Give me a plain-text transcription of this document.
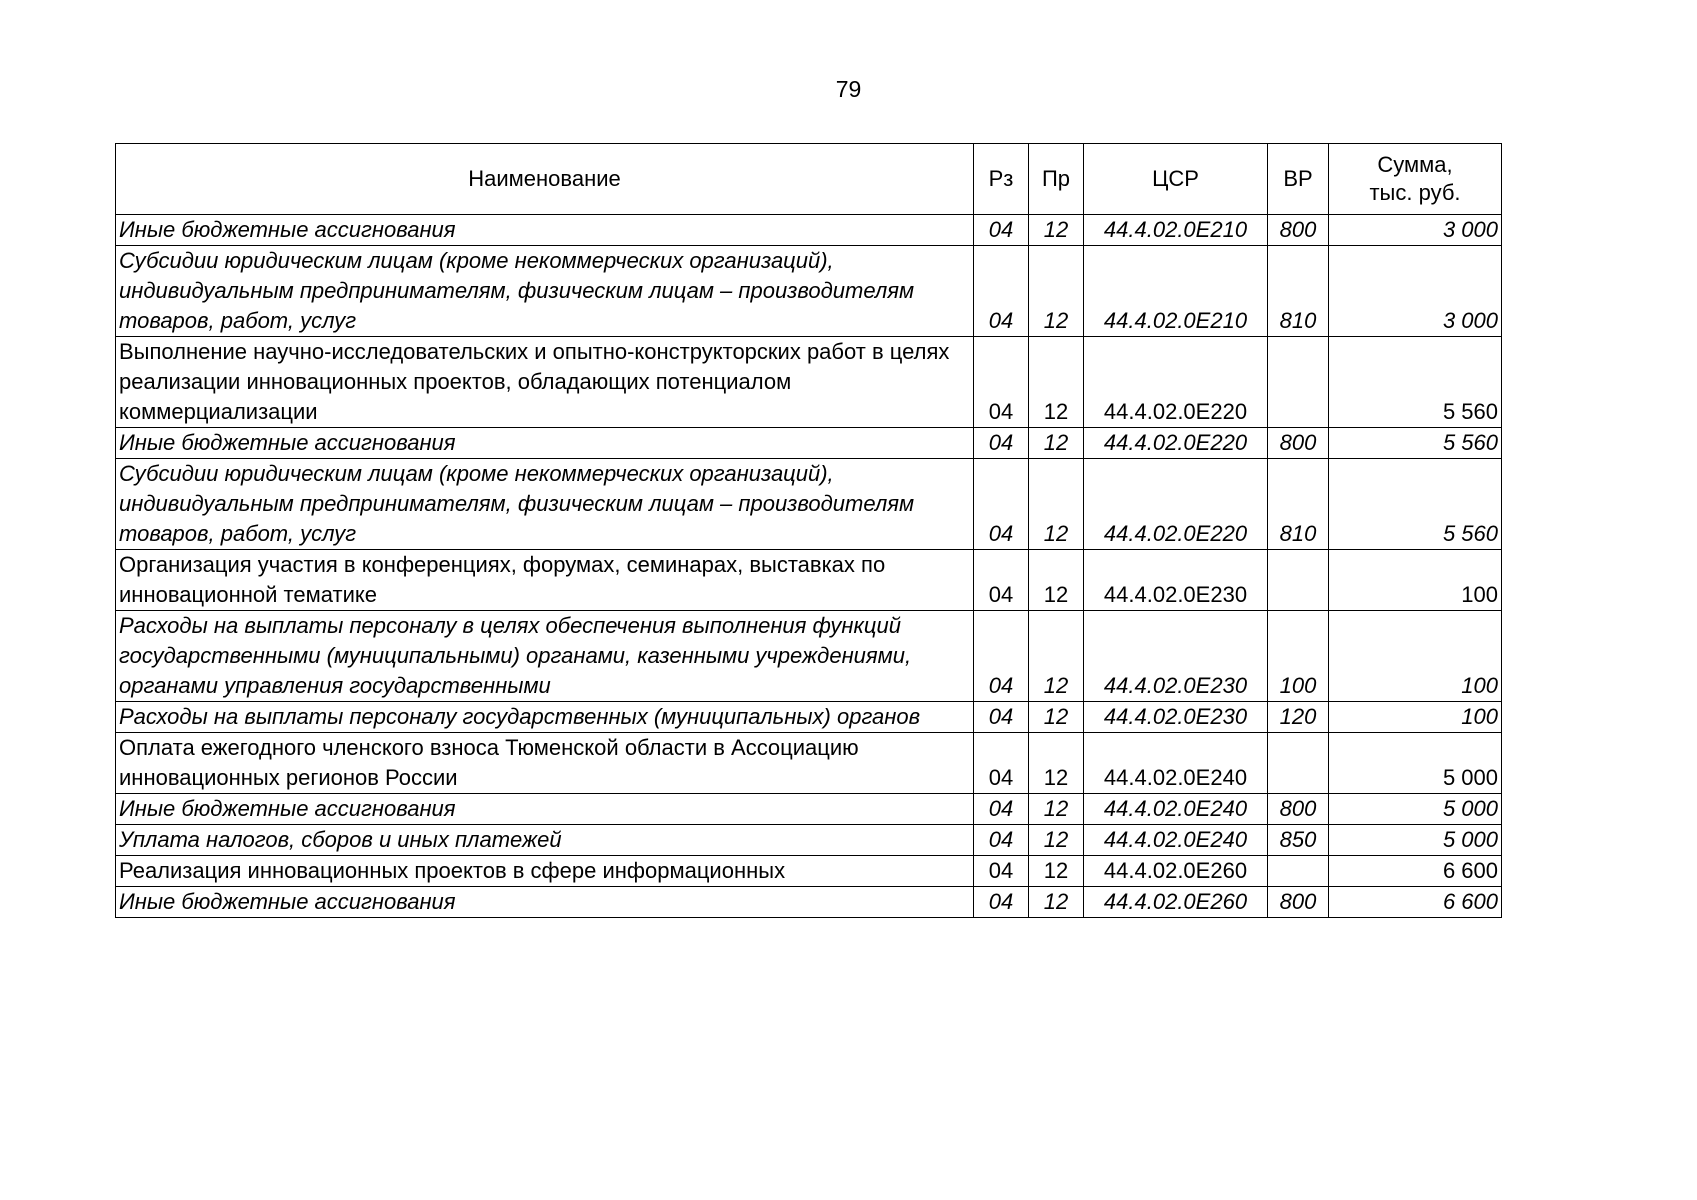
79
Наименование	Рз	Пр	ЦСР	ВР	Сумма,
тыс. руб.
Иные бюджетные ассигнования	04	12	44.4.02.0Е210	800	3 000
Субсидии юридическим лицам (кроме некоммерческих организаций), индивидуальным предпринимателям, физическим лицам – производителям товаров, работ, услуг	04	12	44.4.02.0Е210	810	3 000
Выполнение научно-исследовательских и опытно-конструкторских работ в целях реализации инновационных проектов, обладающих потенциалом коммерциализации	04	12	44.4.02.0Е220		5 560
Иные бюджетные ассигнования	04	12	44.4.02.0Е220	800	5 560
Субсидии юридическим лицам (кроме некоммерческих организаций), индивидуальным предпринимателям, физическим лицам – производителям товаров, работ, услуг	04	12	44.4.02.0Е220	810	5 560
Организация участия в конференциях, форумах, семинарах, выставках по инновационной тематике	04	12	44.4.02.0Е230		100
Расходы на выплаты персоналу в целях обеспечения выполнения функций государственными (муниципальными) органами, казенными учреждениями, органами управления государственными	04	12	44.4.02.0Е230	100	100
Расходы на выплаты персоналу государственных (муниципальных) органов	04	12	44.4.02.0Е230	120	100
Оплата ежегодного членского взноса Тюменской области в Ассоциацию инновационных регионов России	04	12	44.4.02.0Е240		5 000
Иные бюджетные ассигнования	04	12	44.4.02.0Е240	800	5 000
Уплата налогов, сборов и иных платежей	04	12	44.4.02.0Е240	850	5 000
Реализация инновационных проектов в сфере информационных	04	12	44.4.02.0Е260		6 600
Иные бюджетные ассигнования	04	12	44.4.02.0Е260	800	6 600
